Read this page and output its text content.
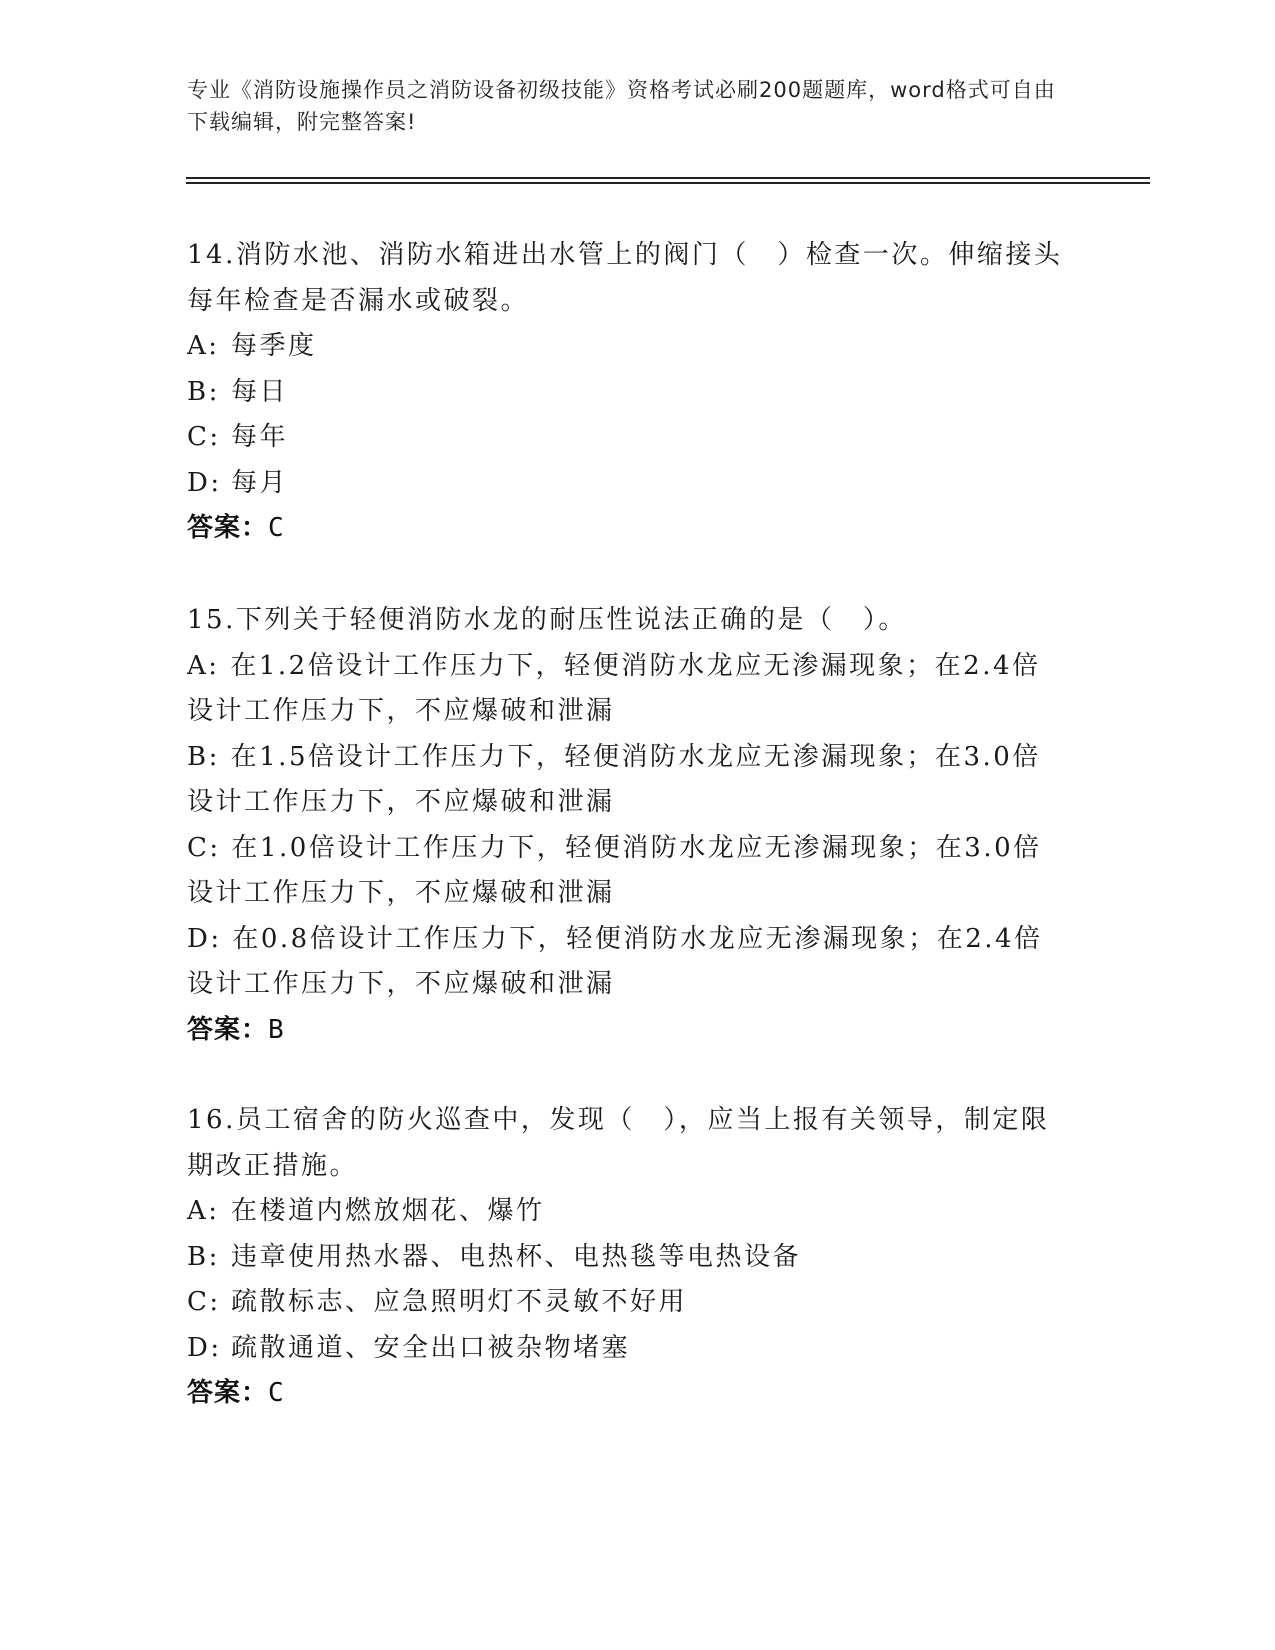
专业《消防设施操作员之消防设备初级技能》资格考试必刷200题题库，word格式可自由下载编辑，附完整答案!

14.消防水池、消防水箱进出水管上的阀门（　）检查一次。伸缩接头每年检查是否漏水或破裂。

A: 每季度

B: 每日

C: 每年

D: 每月

答案：C

15.下列关于轻便消防水龙的耐压性说法正确的是（　）。

A: 在1.2倍设计工作压力下，轻便消防水龙应无渗漏现象；在2.4倍设计工作压力下，不应爆破和泄漏

B: 在1.5倍设计工作压力下，轻便消防水龙应无渗漏现象；在3.0倍设计工作压力下，不应爆破和泄漏

C: 在1.0倍设计工作压力下，轻便消防水龙应无渗漏现象；在3.0倍设计工作压力下，不应爆破和泄漏

D: 在0.8倍设计工作压力下，轻便消防水龙应无渗漏现象；在2.4倍设计工作压力下，不应爆破和泄漏

答案：B

16.员工宿舍的防火巡查中，发现（　），应当上报有关领导，制定限期改正措施。

A: 在楼道内燃放烟花、爆竹

B: 违章使用热水器、电热杯、电热毯等电热设备

C: 疏散标志、应急照明灯不灵敏不好用

D: 疏散通道、安全出口被杂物堵塞

答案：C
